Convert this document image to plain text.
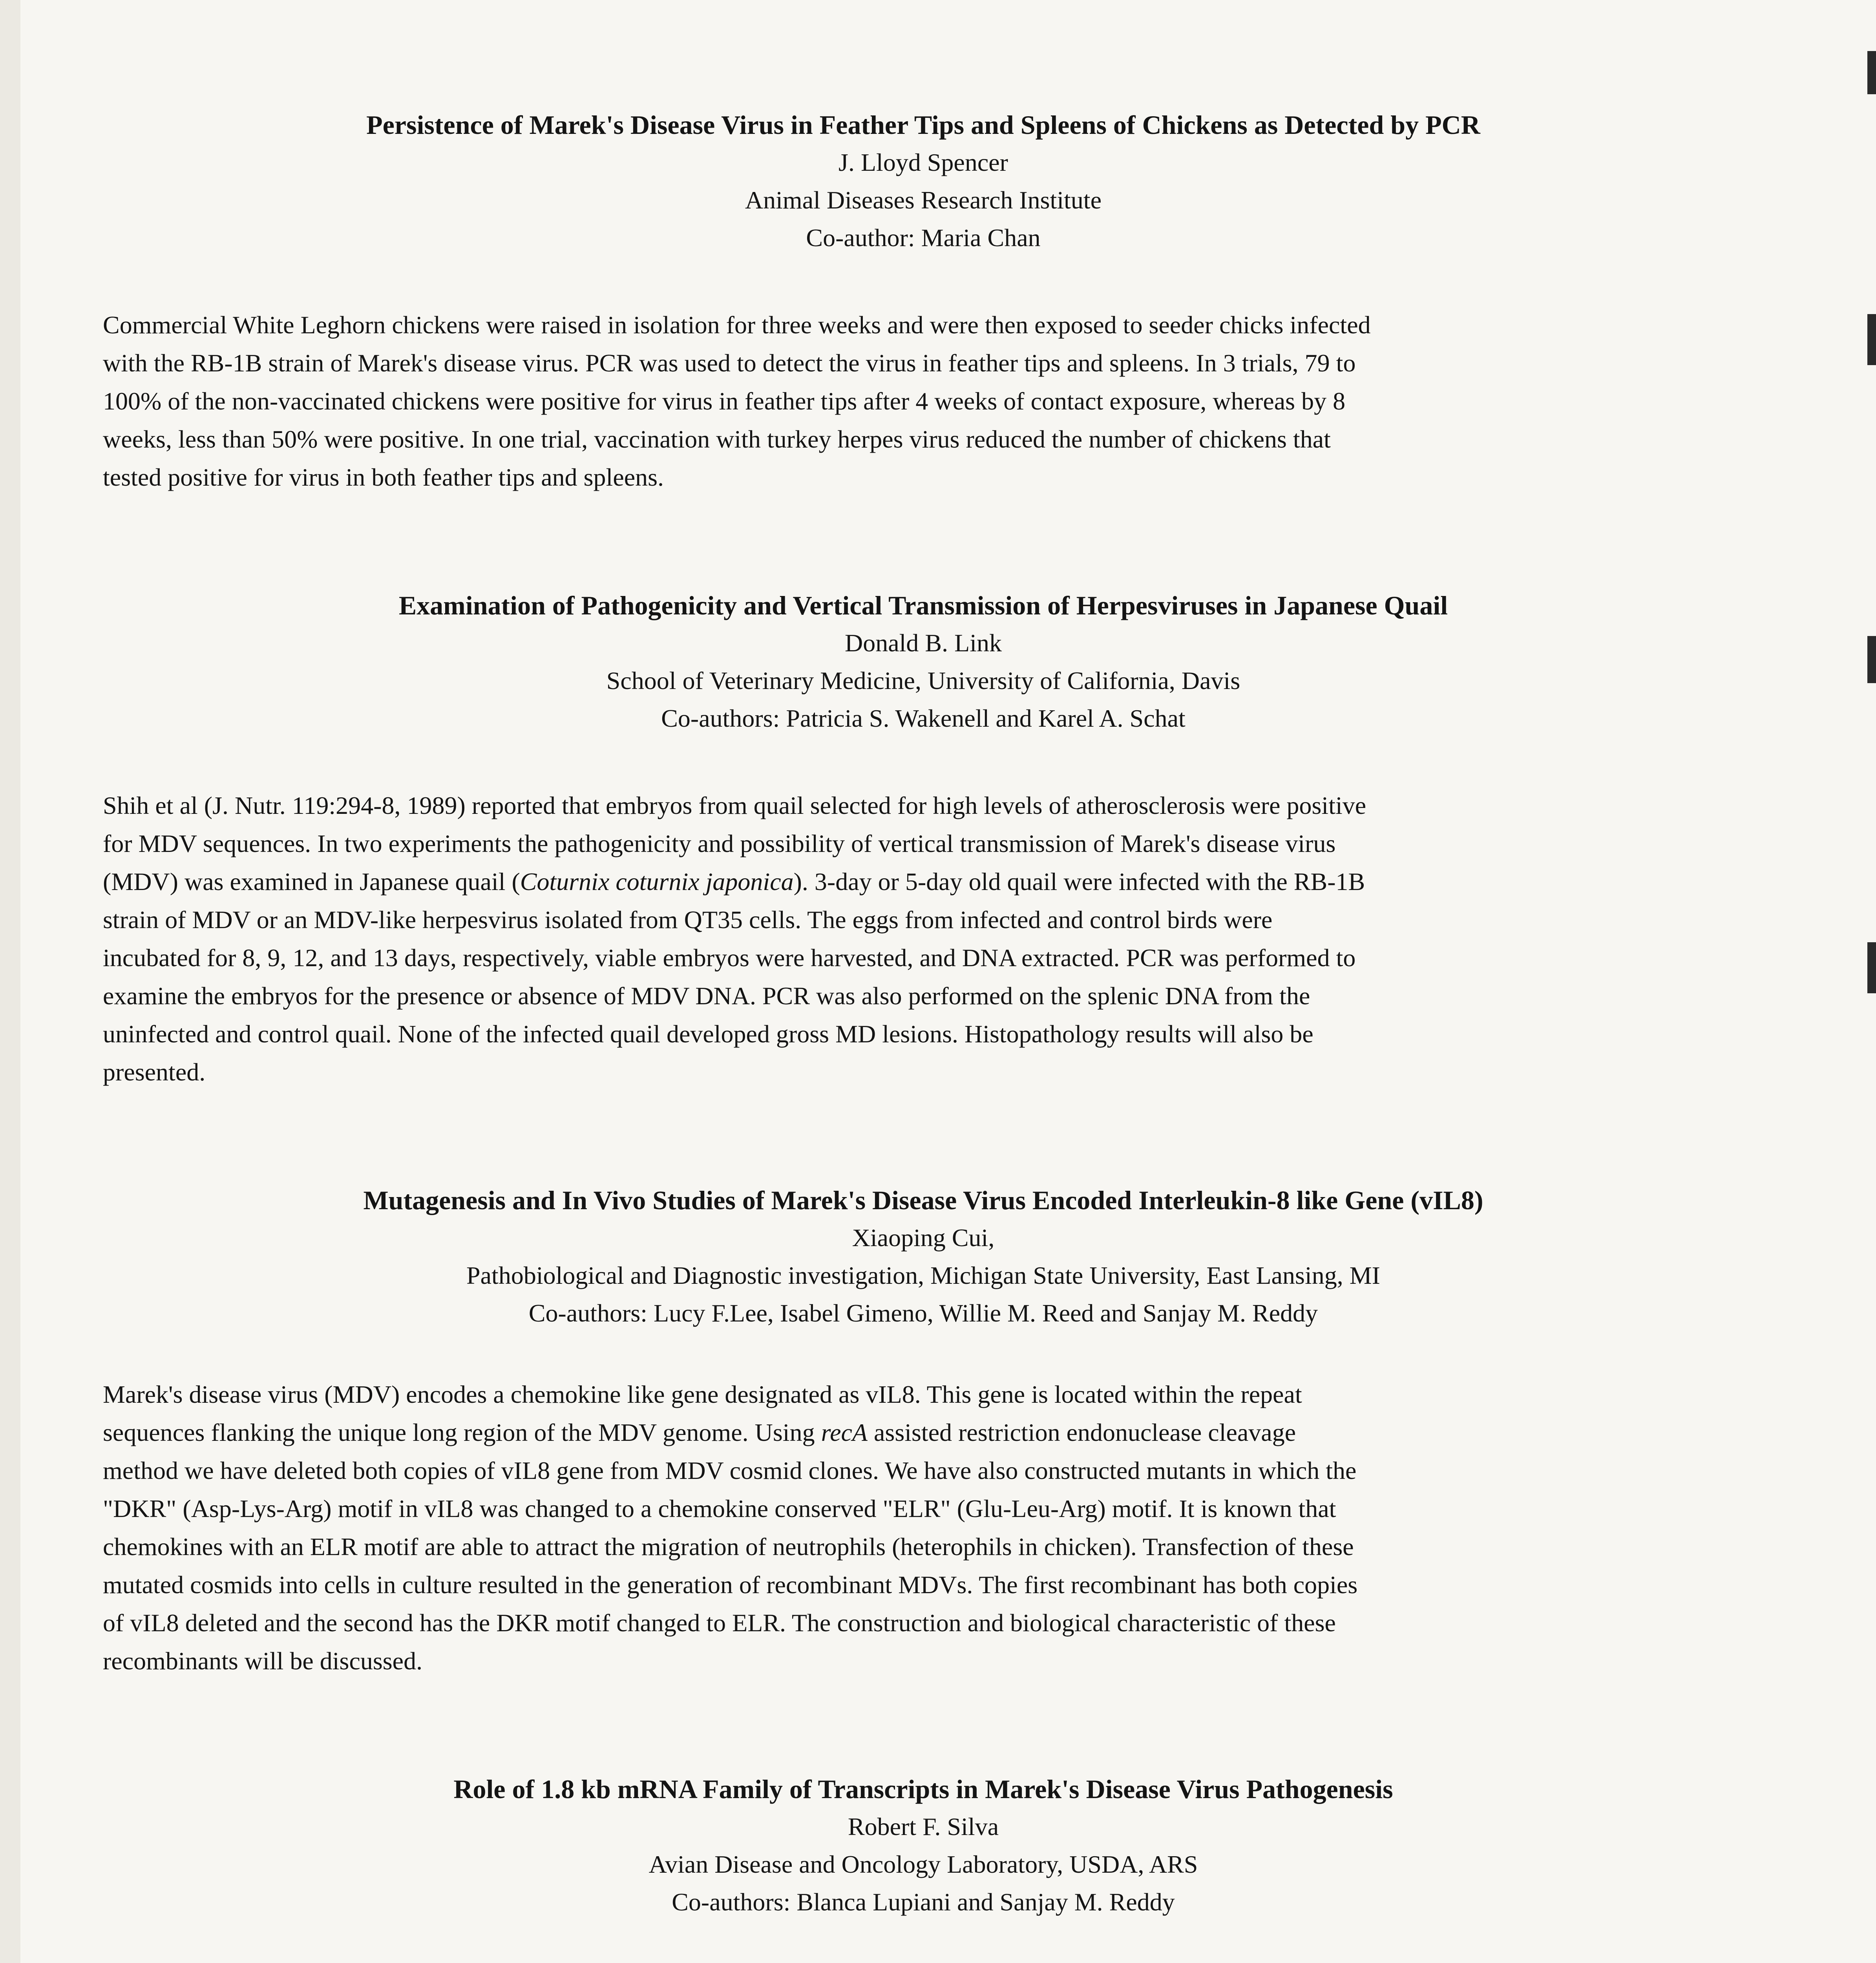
Persistence of Marek's Disease Virus in Feather Tips and Spleens of Chickens as Detected by PCR

J. Lloyd Spencer

Animal Diseases Research Institute

Co-author: Maria Chan

Commercial White Leghorn chickens were raised in isolation for three weeks and were then exposed to seeder chicks infected
with the RB-1B strain of Marek's disease virus. PCR was used to detect the virus in feather tips and spleens. In 3 trials, 79 to
100% of the non-vaccinated chickens were positive for virus in feather tips after 4 weeks of contact exposure, whereas by 8
weeks, less than 50% were positive. In one trial, vaccination with turkey herpes virus reduced the number of chickens that
tested positive for virus in both feather tips and spleens.

Examination of Pathogenicity and Vertical Transmission of Herpesviruses in Japanese Quail

Donald B. Link

School of Veterinary Medicine, University of California, Davis

Co-authors: Patricia S. Wakenell and Karel A. Schat

Shih et al (J. Nutr. 119:294-8, 1989) reported that embryos from quail selected for high levels of atherosclerosis were positive
for MDV sequences. In two experiments the pathogenicity and possibility of vertical transmission of Marek's disease virus
(MDV) was examined in Japanese quail (Coturnix coturnix japonica). 3-day or 5-day old quail were infected with the RB-1B
strain of MDV or an MDV-like herpesvirus isolated from QT35 cells. The eggs from infected and control birds were
incubated for 8, 9, 12, and 13 days, respectively, viable embryos were harvested, and DNA extracted. PCR was performed to
examine the embryos for the presence or absence of MDV DNA. PCR was also performed on the splenic DNA from the
uninfected and control quail. None of the infected quail developed gross MD lesions. Histopathology results will also be
presented.

Mutagenesis and In Vivo Studies of Marek's Disease Virus Encoded Interleukin-8 like Gene (vIL8)

Xiaoping Cui,

Pathobiological and Diagnostic investigation, Michigan State University, East Lansing, MI

Co-authors: Lucy F.Lee, Isabel Gimeno, Willie M. Reed and Sanjay M. Reddy

Marek's disease virus (MDV) encodes a chemokine like gene designated as vIL8. This gene is located within the repeat
sequences flanking the unique long region of the MDV genome. Using recA assisted restriction endonuclease cleavage
method we have deleted both copies of vIL8 gene from MDV cosmid clones. We have also constructed mutants in which the
"DKR" (Asp-Lys-Arg) motif in vIL8 was changed to a chemokine conserved "ELR" (Glu-Leu-Arg) motif. It is known that
chemokines with an ELR motif are able to attract the migration of neutrophils (heterophils in chicken). Transfection of these
mutated cosmids into cells in culture resulted in the generation of recombinant MDVs. The first recombinant has both copies
of vIL8 deleted and the second has the DKR motif changed to ELR. The construction and biological characteristic of these
recombinants will be discussed.

Role of 1.8 kb mRNA Family of Transcripts in Marek's Disease Virus Pathogenesis

Robert F. Silva

Avian Disease and Oncology Laboratory, USDA, ARS

Co-authors: Blanca Lupiani and Sanjay M. Reddy
